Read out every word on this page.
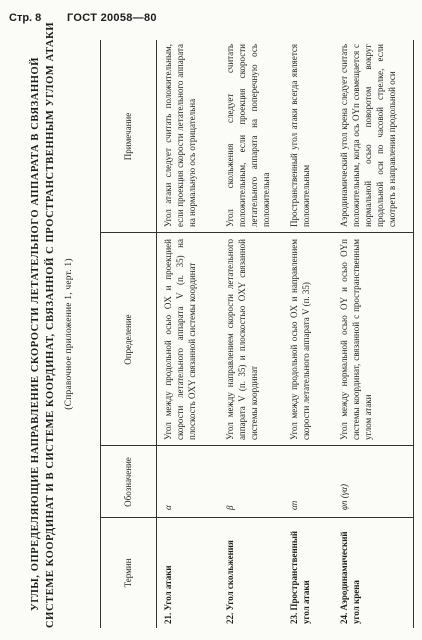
Стр. 8 ГОСТ 20058—80
УГЛЫ, ОПРЕДЕЛЯЮЩИЕ НАПРАВЛЕНИЕ СКОРОСТИ ЛЕТАТЕЛЬНОГО АППАРАТА В СВЯЗАННОЙ СИСТЕМЕ КООРДИНАТ И В СИСТЕМЕ КООРДИНАТ, СВЯЗАННОЙ С ПРОСТРАНСТВЕННЫМ УГЛОМ АТАКИ (Справочное приложение 1, черт. 1)
Термин
Обозначение
Определение
Примечание
21. Угол атаки
α
Угол между продольной осью OX и проекцией скорости летательного аппарата V (п. 35) на плоскость OXY связанной системы координат
Угол атаки следует считать положительным, если проекция скорости летательного аппарата на нормальную ось отрицательна
22. Угол скольжения
β
Угол между направлением скорости летательного аппарата V (п. 35) и плоскостью OXY связанной системы координат
Угол скольжения следует считать положительным, если проекция скорости летательного аппарата на поперечную ось положительна
23. Пространственный угол атаки
αп
Угол между продольной осью OX и направлением скорости летательного аппарата V (п. 35)
Пространственный угол атаки всегда является положительным
24. Аэродинамический угол крена
φп (γα)
Угол между нормальной осью OY и осью OYп системы координат, связанной с пространственным углом атаки
Аэродинамический угол крена следует считать положительным, когда ось OYп совмещается с нормальной осью поворотом вокруг продольной оси по часовой стрелке, если смотреть в направлении продольной оси
